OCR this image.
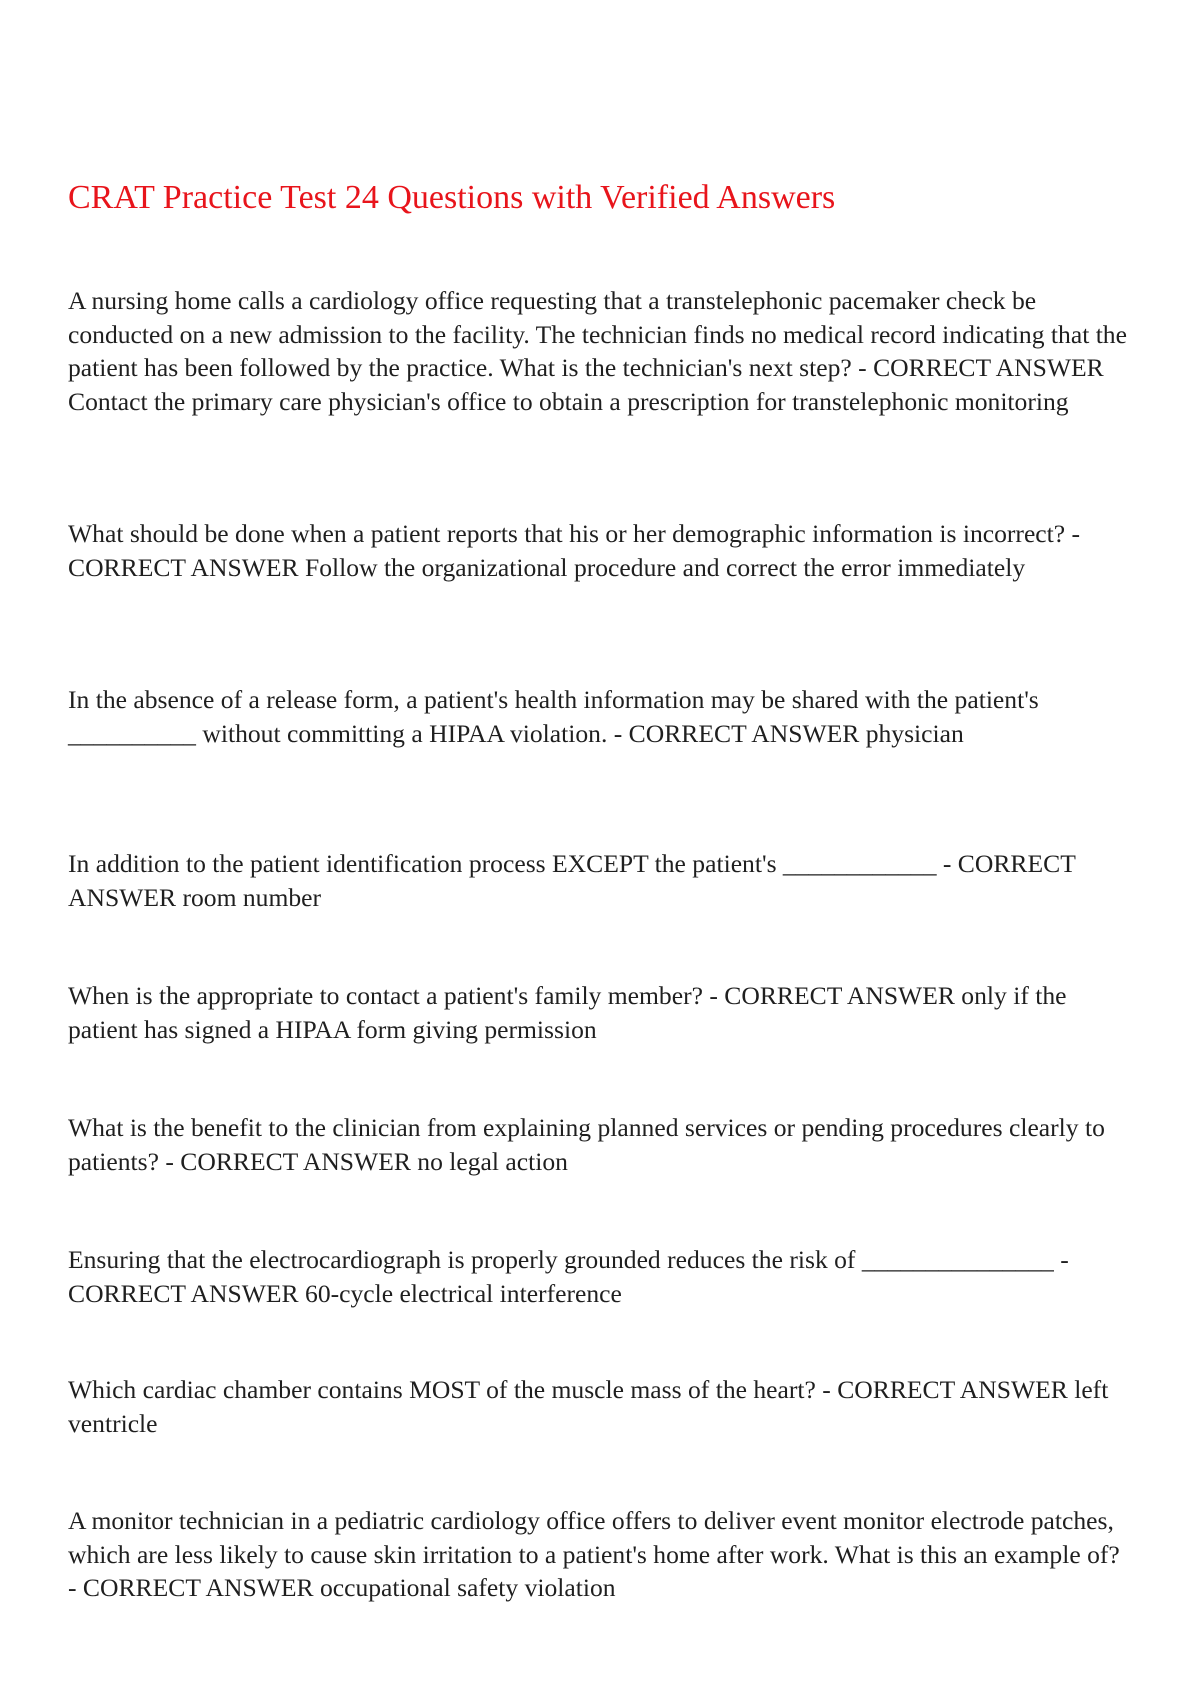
CRAT Practice Test 24 Questions with Verified Answers

A nursing home calls a cardiology office requesting that a transtelephonic pacemaker check be conducted on a new admission to the facility. The technician finds no medical record indicating that the patient has been followed by the practice. What is the technician's next step? - CORRECT ANSWER Contact the primary care physician's office to obtain a prescription for transtelephonic monitoring

What should be done when a patient reports that his or her demographic information is incorrect? - CORRECT ANSWER Follow the organizational procedure and correct the error immediately

In the absence of a release form, a patient's health information may be shared with the patient's __________ without committing a HIPAA violation. - CORRECT ANSWER physician

In addition to the patient identification process EXCEPT the patient's ____________ - CORRECT ANSWER room number

When is the appropriate to contact a patient's family member? - CORRECT ANSWER only if the patient has signed a HIPAA form giving permission

What is the benefit to the clinician from explaining planned services or pending procedures clearly to patients? - CORRECT ANSWER no legal action

Ensuring that the electrocardiograph is properly grounded reduces the risk of _______________ - CORRECT ANSWER 60-cycle electrical interference

Which cardiac chamber contains MOST of the muscle mass of the heart? - CORRECT ANSWER left ventricle

A monitor technician in a pediatric cardiology office offers to deliver event monitor electrode patches, which are less likely to cause skin irritation to a patient's home after work. What is this an example of? - CORRECT ANSWER occupational safety violation
